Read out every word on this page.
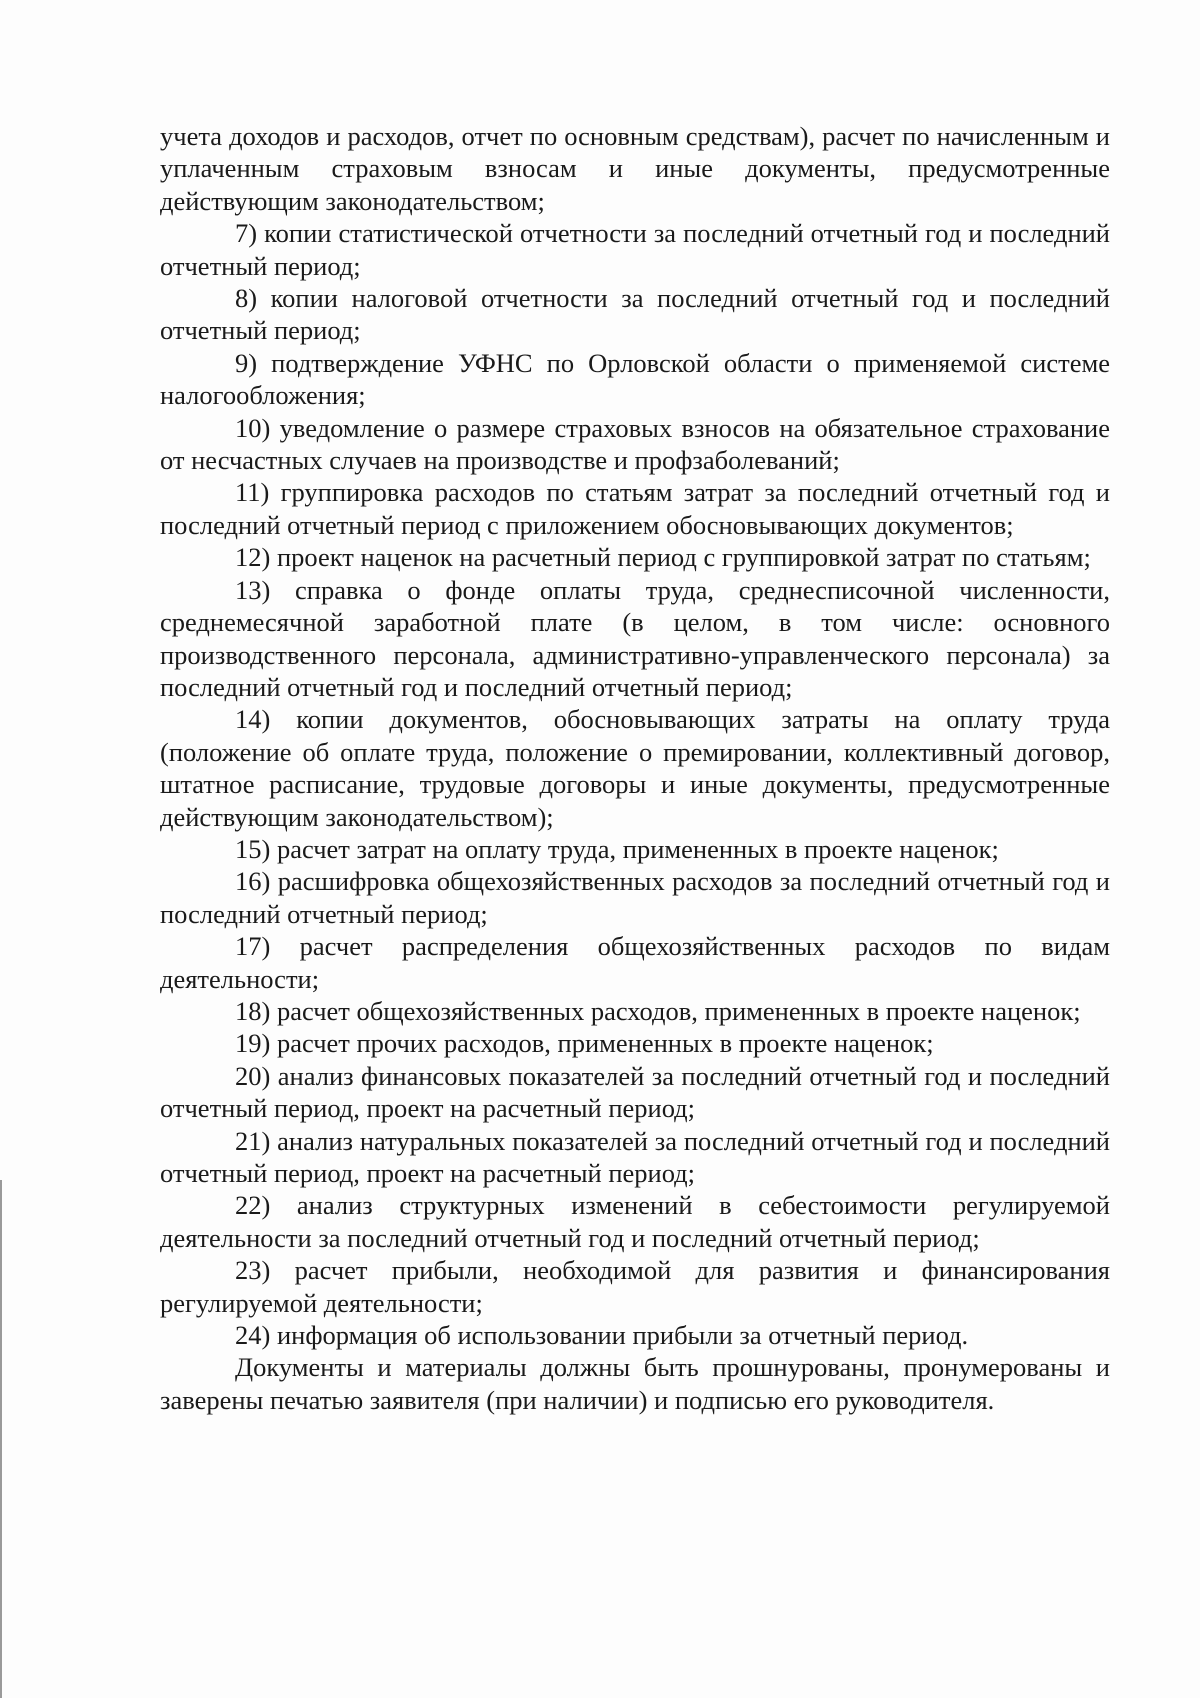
учета доходов и расходов, отчет по основным средствам), расчет по начисленным и уплаченным страховым взносам и иные документы, предусмотренные действующим законодательством;

7) копии статистической отчетности за последний отчетный год и последний отчетный период;

8) копии налоговой отчетности за последний отчетный год и последний отчетный период;

9) подтверждение УФНС по Орловской области о применяемой системе налогообложения;

10) уведомление о размере страховых взносов на обязательное страхование от несчастных случаев на производстве и профзаболеваний;

11) группировка расходов по статьям затрат за последний отчетный год и последний отчетный период с приложением обосновывающих документов;

12) проект наценок на расчетный период с группировкой затрат по статьям;

13) справка о фонде оплаты труда, среднесписочной численности, среднемесячной заработной плате (в целом, в том числе: основного производственного персонала, административно-управленческого персонала) за последний отчетный год и последний отчетный период;

14) копии документов, обосновывающих затраты на оплату труда (положение об оплате труда, положение о премировании, коллективный договор, штатное расписание, трудовые договоры и иные документы, предусмотренные действующим законодательством);

15) расчет затрат на оплату труда, примененных в проекте наценок;

16) расшифровка общехозяйственных расходов за последний отчетный год и последний отчетный период;

17) расчет распределения общехозяйственных расходов по видам деятельности;

18) расчет общехозяйственных расходов, примененных в проекте наценок;

19) расчет прочих расходов, примененных в проекте наценок;

20) анализ финансовых показателей за последний отчетный год и последний отчетный период, проект на расчетный период;

21) анализ натуральных показателей за последний отчетный год и последний отчетный период, проект на расчетный период;

22) анализ структурных изменений в себестоимости регулируемой деятельности за последний отчетный год и последний отчетный период;

23) расчет прибыли, необходимой для развития и финансирования регулируемой деятельности;

24) информация об использовании прибыли за отчетный период.

Документы и материалы должны быть прошнурованы, пронумерованы и заверены печатью заявителя (при наличии) и подписью его руководителя.
